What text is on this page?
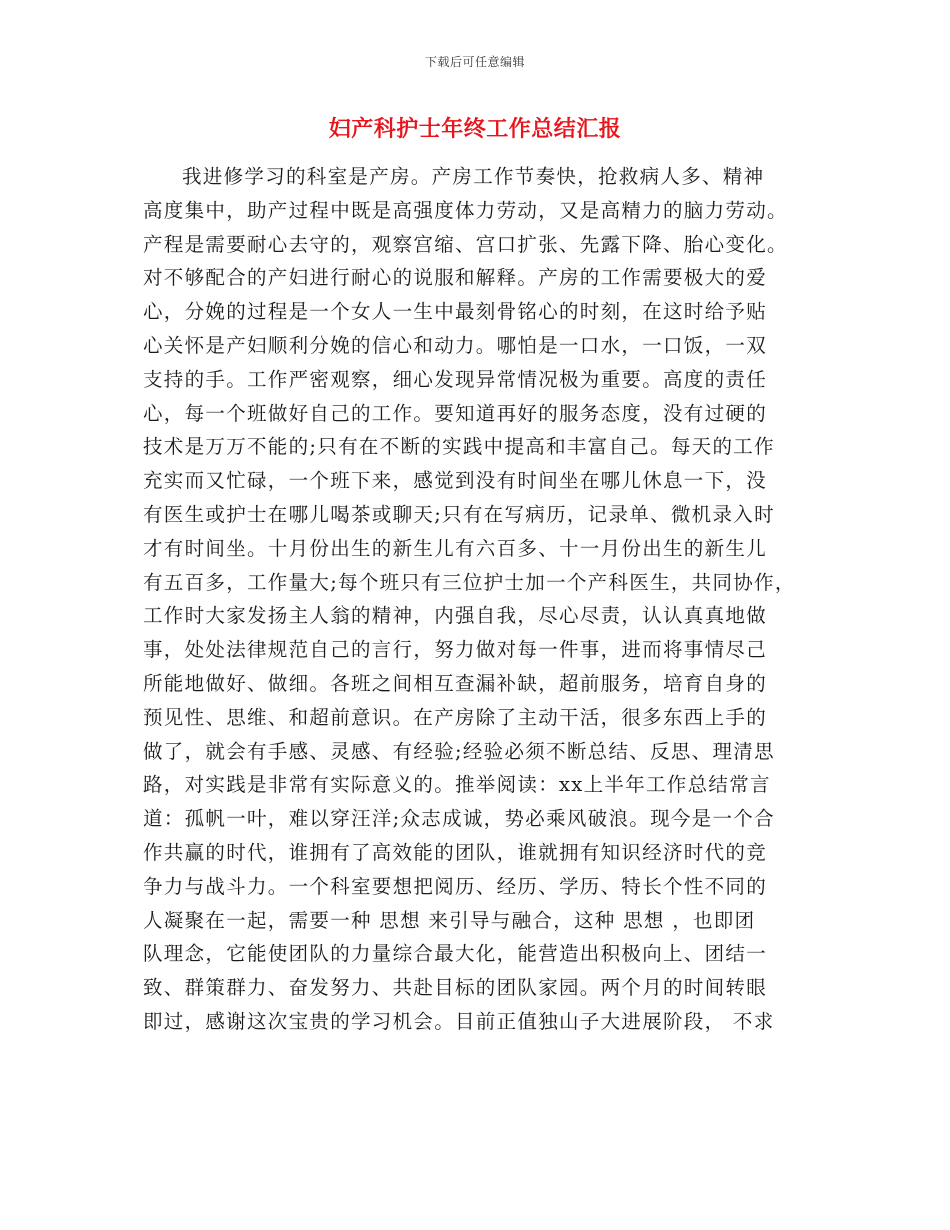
下载后可任意编辑
妇产科护士年终工作总结汇报
我进修学习的科室是产房。产房工作节奏快，抢救病人多、精神
高度集中，助产过程中既是高强度体力劳动，又是高精力的脑力劳动。
产程是需要耐心去守的，观察宫缩、宫口扩张、先露下降、胎心变化。
对不够配合的产妇进行耐心的说服和解释。产房的工作需要极大的爱
心，分娩的过程是一个女人一生中最刻骨铭心的时刻，在这时给予贴
心关怀是产妇顺利分娩的信心和动力。哪怕是一口水，一口饭，一双
支持的手。工作严密观察，细心发现异常情况极为重要。高度的责任
心，每一个班做好自己的工作。要知道再好的服务态度，没有过硬的
技术是万万不能的;只有在不断的实践中提高和丰富自己。每天的工作
充实而又忙碌，一个班下来，感觉到没有时间坐在哪儿休息一下，没
有医生或护士在哪儿喝茶或聊天;只有在写病历，记录单、微机录入时
才有时间坐。十月份出生的新生儿有六百多、十一月份出生的新生儿
有五百多，工作量大;每个班只有三位护士加一个产科医生，共同协作，
工作时大家发扬主人翁的精神，内强自我，尽心尽责，认认真真地做
事，处处法律规范自己的言行，努力做对每一件事，进而将事情尽己
所能地做好、做细。各班之间相互查漏补缺，超前服务，培育自身的
预见性、思维、和超前意识。在产房除了主动干活，很多东西上手的
做了，就会有手感、灵感、有经验;经验必须不断总结、反思、理清思
路，对实践是非常有实际意义的。推举阅读：xx上半年工作总结常言
道：孤帆一叶，难以穿汪洋;众志成诚，势必乘风破浪。现今是一个合
作共赢的时代，谁拥有了高效能的团队，谁就拥有知识经济时代的竞
争力与战斗力。一个科室要想把阅历、经历、学历、特长个性不同的
人凝聚在一起，需要一种 思想 来引导与融合，这种 思想 ，也即团
队理念，它能使团队的力量综合最大化，能营造出积极向上、团结一
致、群策群力、奋发努力、共赴目标的团队家园。两个月的时间转眼
即过，感谢这次宝贵的学习机会。目前正值独山子大进展阶段， 不求
